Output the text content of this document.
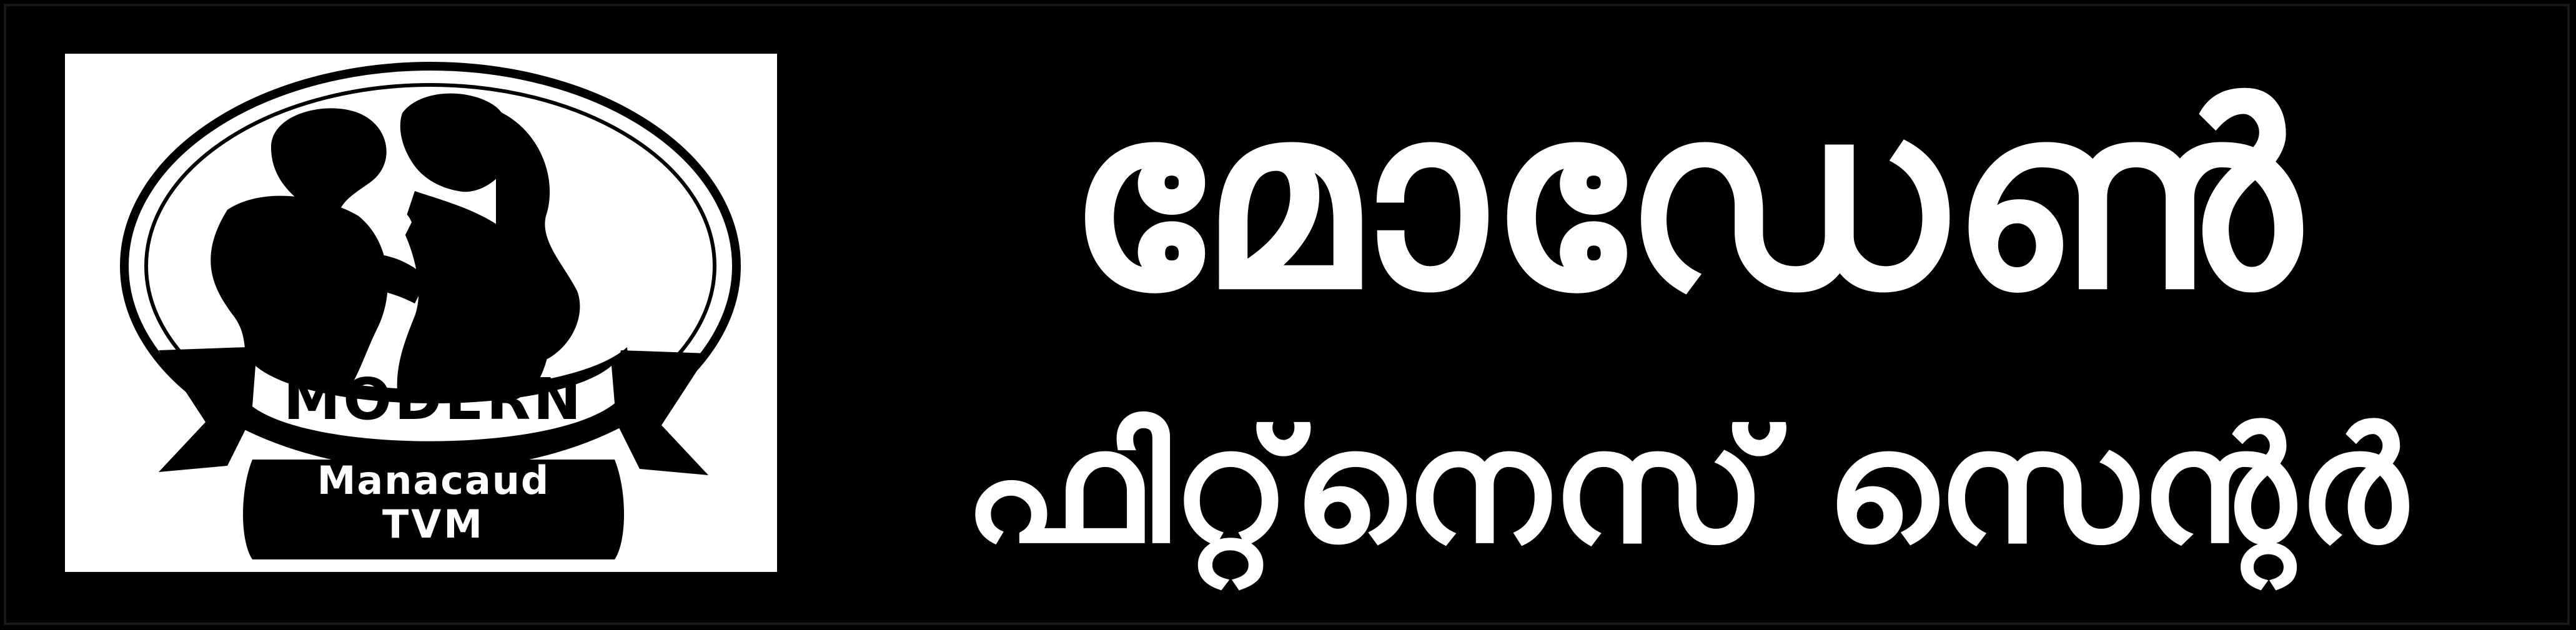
MODERN
Manacaud
TVM
മോഡേൺ
ഫിറ്റ്‌നെസ് സെന്റർ
